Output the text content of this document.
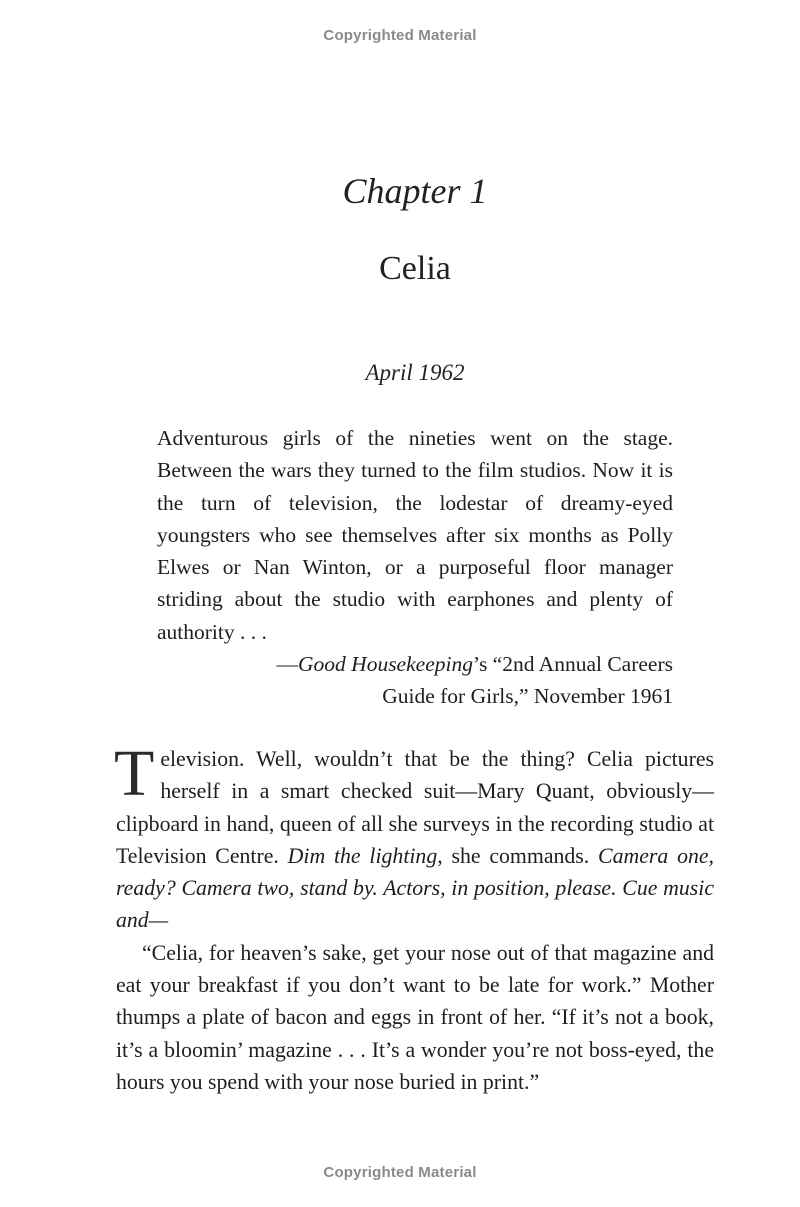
Copyrighted Material
Chapter 1
Celia
April 1962

Adventurous girls of the nineties went on the stage. Between the wars they turned to the film studios. Now it is the turn of television, the lodestar of dreamy-eyed youngsters who see themselves after six months as Polly Elwes or Nan Winton, or a purposeful floor manager striding about the studio with earphones and plenty of authority . . .

—Good Housekeeping’s “2nd Annual Careers
Guide for Girls,” November 1961

Television. Well, wouldn’t that be the thing? Celia pictures herself in a smart checked suit—Mary Quant, obviously—clipboard in hand, queen of all she surveys in the recording studio at Television Centre. Dim the lighting, she commands. Camera one, ready? Camera two, stand by. Actors, in position, please. Cue music and—

“Celia, for heaven’s sake, get your nose out of that magazine and eat your breakfast if you don’t want to be late for work.” Mother thumps a plate of bacon and eggs in front of her. “If it’s not a book, it’s a bloomin’ magazine . . . It’s a wonder you’re not boss-eyed, the hours you spend with your nose buried in print.”

Copyrighted Material
